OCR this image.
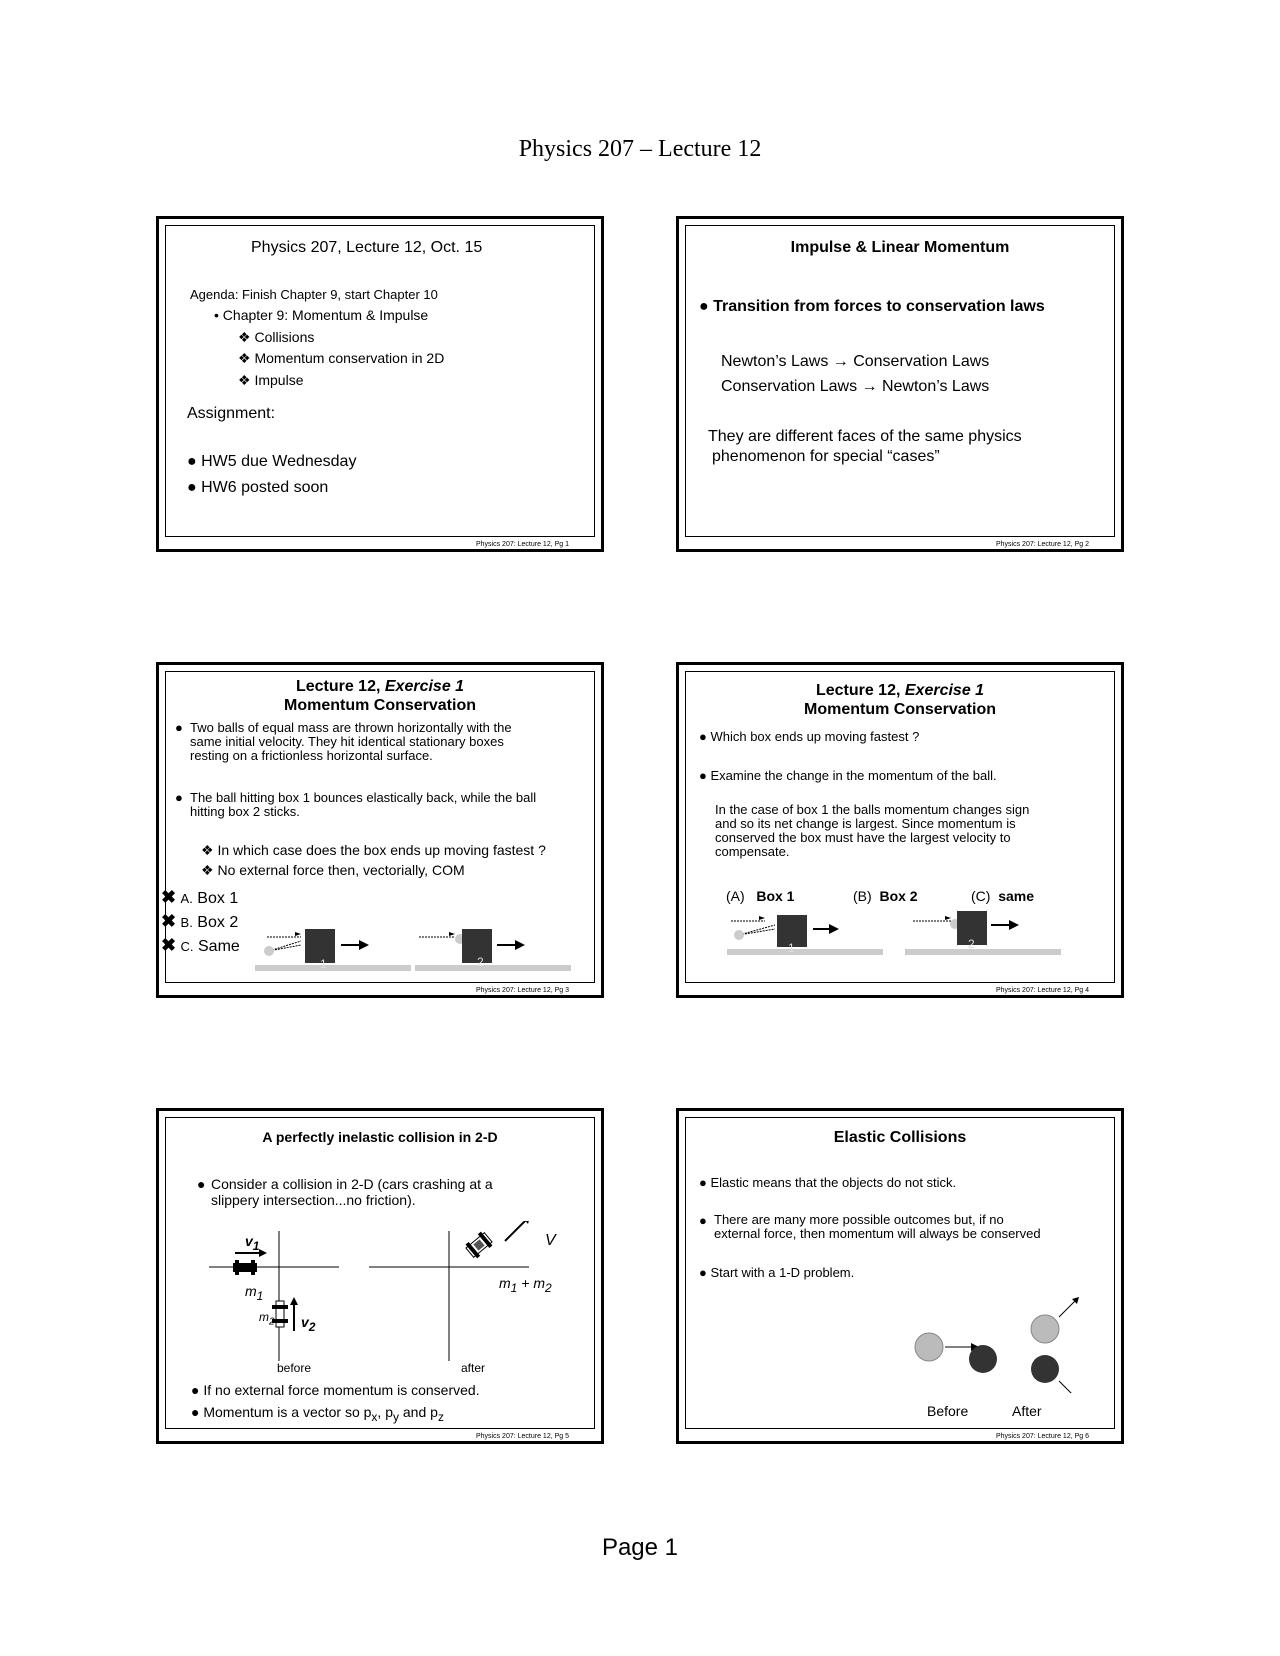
Physics 207 – Lecture 12
Physics 207, Lecture 12, Oct. 15
Agenda: Finish Chapter 9, start Chapter 10
• Chapter 9: Momentum & Impulse
❖ Collisions
❖ Momentum conservation in 2D
❖ Impulse
Assignment:
● HW5 due Wednesday
● HW6 posted soon
Physics 207: Lecture 12, Pg 1
Impulse & Linear Momentum
● Transition from forces to conservation laws
Newton’s Laws → Conservation Laws
Conservation Laws → Newton’s Laws
They are different faces of the same physics
phenomenon for special “cases”
Physics 207: Lecture 12, Pg 2
Lecture 12, Exercise 1
Momentum Conservation
● Two balls of equal mass are thrown horizontally with the
same initial velocity. They hit identical stationary boxes
resting on a frictionless horizontal surface.
● The ball hitting box 1 bounces elastically back, while the ball
hitting box 2 sticks.
❖ In which case does the box ends up moving fastest ?
❖ No external force then, vectorially, COM
✖ A. Box 1
✖ B. Box 2
✖ C. Same
1	2
Physics 207: Lecture 12, Pg 3
Lecture 12, Exercise 1
Momentum Conservation
● Which box ends up moving fastest ?
● Examine the change in the momentum of the ball.
In the case of box 1 the balls momentum changes sign
and so its net change is largest. Since momentum is
conserved the box must have the largest velocity to
compensate.
(A) Box 1	(B) Box 2	(C) same
1	2
Physics 207: Lecture 12, Pg 4
A perfectly inelastic collision in 2-D
● Consider a collision in 2-D (cars crashing at a
slippery intersection...no friction).
$v_1$
$m_1$
$m_2$ $v_2$
V
$m_1 + m_2$
before	after
● If no external force momentum is conserved.
● Momentum is a vector so $p_x$, $p_y$ and $p_z$
Physics 207: Lecture 12, Pg 5
Elastic Collisions
● Elastic means that the objects do not stick.
● There are many more possible outcomes but, if no
external force, then momentum will always be conserved
● Start with a 1-D problem.
Before	After
Physics 207: Lecture 12, Pg 6
Page 1
